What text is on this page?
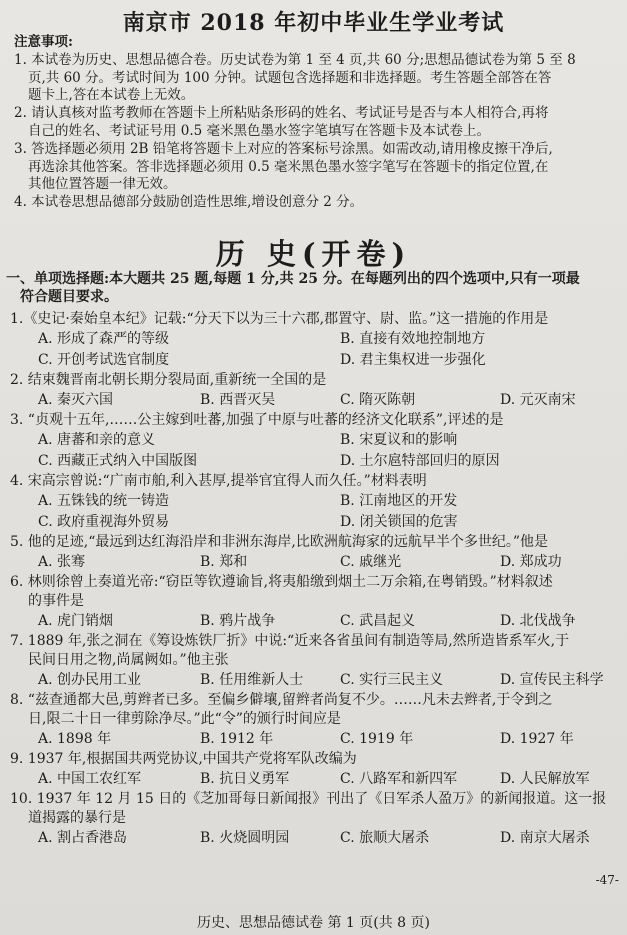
南京市 2018 年初中毕业生学业考试
注意事项:
1. 本试卷为历史、思想品德合卷。历史试卷为第 1 至 4 页,共 60 分;思想品德试卷为第 5 至 8
页,共 60 分。考试时间为 100 分钟。试题包含选择题和非选择题。考生答题全部答在答
题卡上,答在本试卷上无效。
2. 请认真核对监考教师在答题卡上所粘贴条形码的姓名、考试证号是否与本人相符合,再将
自己的姓名、考试证号用 0.5 毫米黑色墨水签字笔填写在答题卡及本试卷上。
3. 答选择题必须用 2B 铅笔将答题卡上对应的答案标号涂黑。如需改动,请用橡皮擦干净后,
再选涂其他答案。答非选择题必须用 0.5 毫米黑色墨水签字笔写在答题卡的指定位置,在
其他位置答题一律无效。
4. 本试卷思想品德部分鼓励创造性思维,增设创意分 2 分。
历 史(开卷)
一、单项选择题:本大题共 25 题,每题 1 分,共 25 分。在每题列出的四个选项中,只有一项最
符合题目要求。
1.《史记·秦始皇本纪》记载:“分天下以为三十六郡,郡置守、尉、监。”这一措施的作用是
A. 形成了森严的等级	B. 直接有效地控制地方
C. 开创考试选官制度	D. 君主集权进一步强化
2. 结束魏晋南北朝长期分裂局面,重新统一全国的是
A. 秦灭六国	B. 西晋灭吴	C. 隋灭陈朝	D. 元灭南宋
3. “贞观十五年,……公主嫁到吐蕃,加强了中原与吐蕃的经济文化联系”,评述的是
A. 唐蕃和亲的意义	B. 宋夏议和的影响
C. 西藏正式纳入中国版图	D. 土尔扈特部回归的原因
4. 宋高宗曾说:“广南市舶,利入甚厚,提举官宜得人而久任。”材料表明
A. 五铢钱的统一铸造	B. 江南地区的开发
C. 政府重视海外贸易	D. 闭关锁国的危害
5. 他的足迹,“最远到达红海沿岸和非洲东海岸,比欧洲航海家的远航早半个多世纪。”他是
A. 张骞	B. 郑和	C. 戚继光	D. 郑成功
6. 林则徐曾上奏道光帝:“窃臣等钦遵谕旨,将夷船缴到烟土二万余箱,在粤销毁。”材料叙述
的事件是
A. 虎门销烟	B. 鸦片战争	C. 武昌起义	D. 北伐战争
7. 1889 年,张之洞在《筹设炼铁厂折》中说:“近来各省虽间有制造等局,然所造皆系军火,于
民间日用之物,尚属阙如。”他主张
A. 创办民用工业	B. 任用维新人士	C. 实行三民主义	D. 宣传民主科学
8. “兹查通都大邑,剪辫者已多。至偏乡僻壤,留辫者尚复不少。……凡未去辫者,于令到之
日,限二十日一律剪除净尽。”此“令”的颁行时间应是
A. 1898 年	B. 1912 年	C. 1919 年	D. 1927 年
9. 1937 年,根据国共两党协议,中国共产党将军队改编为
A. 中国工农红军	B. 抗日义勇军	C. 八路军和新四军	D. 人民解放军
10. 1937 年 12 月 15 日的《芝加哥每日新闻报》刊出了《日军杀人盈万》的新闻报道。这一报
道揭露的暴行是
A. 割占香港岛	B. 火烧圆明园	C. 旅顺大屠杀	D. 南京大屠杀
-47-
历史、思想品德试卷 第 1 页(共 8 页)
